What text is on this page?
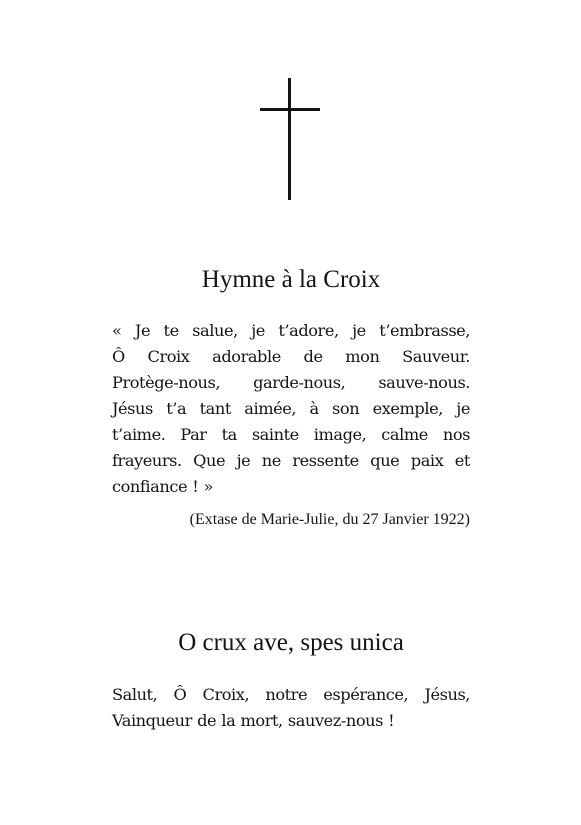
Hymne à la Croix

« Je te salue, je t’adore, je t’embrasse,
Ô Croix adorable de mon Sauveur.
Protège-nous, garde-nous, sauve-nous.
Jésus t’a tant aimée, à son exemple, je
t’aime. Par ta sainte image, calme nos
frayeurs. Que je ne ressente que paix et
confiance ! »

(Extase de Marie-Julie, du 27 Janvier 1922)

O crux ave, spes unica

Salut, Ô Croix, notre espérance, Jésus,
Vainqueur de la mort, sauvez-nous !
